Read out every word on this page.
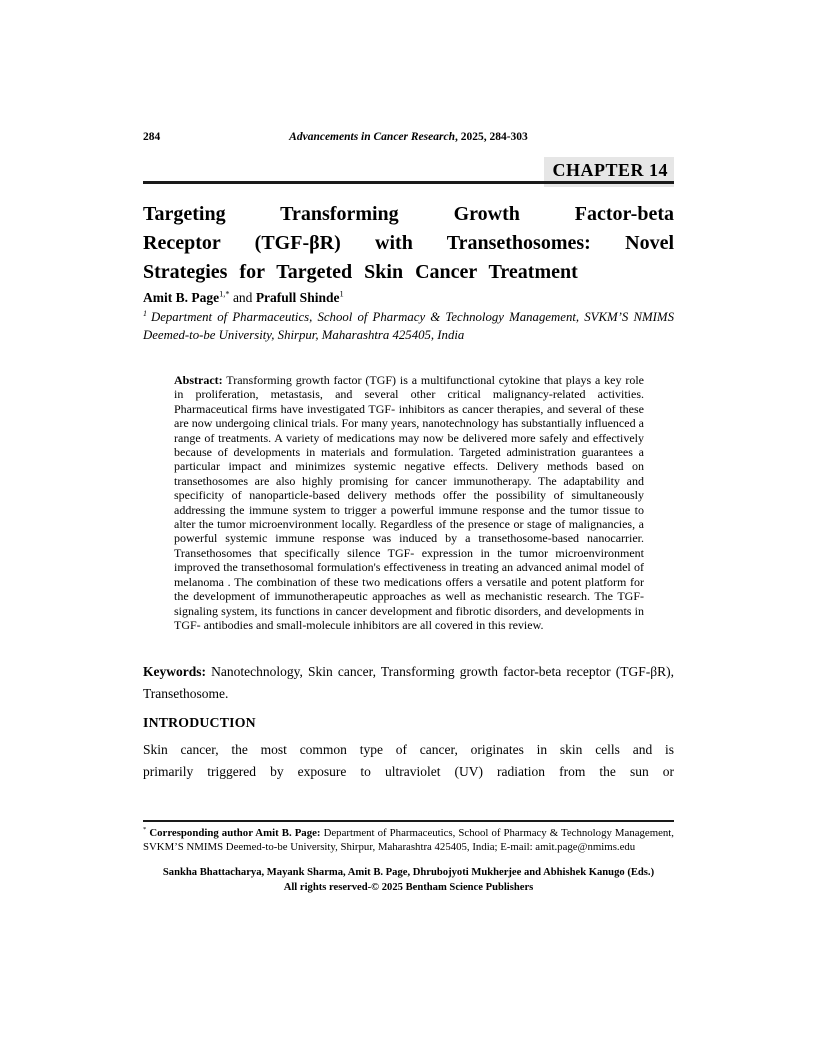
284	Advancements in Cancer Research, 2025, 284-303
CHAPTER 14
Targeting Transforming Growth Factor-beta
Receptor (TGF-βR) with Transethosomes: Novel
Strategies for Targeted Skin Cancer Treatment

Amit B. Page$^{1,*}$ and Prafull Shinde$^1$

$^1$ Department of Pharmaceutics, School of Pharmacy & Technology Management, SVKM’S NMIMS Deemed-to-be University, Shirpur, Maharashtra 425405, India

Abstract: Transforming growth factor (TGF) is a multifunctional cytokine that plays a key role in proliferation, metastasis, and several other critical malignancy-related activities. Pharmaceutical firms have investigated TGF- inhibitors as cancer therapies, and several of these are now undergoing clinical trials. For many years, nanotechnology has substantially influenced a range of treatments. A variety of medications may now be delivered more safely and effectively because of developments in materials and formulation. Targeted administration guarantees a particular impact and minimizes systemic negative effects. Delivery methods based on transethosomes are also highly promising for cancer immunotherapy. The adaptability and specificity of nanoparticle-based delivery methods offer the possibility of simultaneously addressing the immune system to trigger a powerful immune response and the tumor tissue to alter the tumor microenvironment locally. Regardless of the presence or stage of malignancies, a powerful systemic immune response was induced by a transethosome-based nanocarrier. Transethosomes that specifically silence TGF- expression in the tumor microenvironment improved the transethosomal formulation's effectiveness in treating an advanced animal model of melanoma . The combination of these two medications offers a versatile and potent platform for the development of immunotherapeutic approaches as well as mechanistic research. The TGF-signaling system, its functions in cancer development and fibrotic disorders, and developments in TGF- antibodies and small-molecule inhibitors are all covered in this review.

Keywords: Nanotechnology, Skin cancer, Transforming growth factor-beta receptor (TGF-βR), Transethosome.

INTRODUCTION
Skin cancer, the most common type of cancer, originates in skin cells and is
primarily triggered by exposure to ultraviolet (UV) radiation from the sun or

* Corresponding author Amit B. Page: Department of Pharmaceutics, School of Pharmacy & Technology Management, SVKM’S NMIMS Deemed-to-be University, Shirpur, Maharashtra 425405, India; E-mail: amit.page@nmims.edu

Sankha Bhattacharya, Mayank Sharma, Amit B. Page, Dhrubojyoti Mukherjee and Abhishek Kanugo (Eds.)
All rights reserved-© 2025 Bentham Science Publishers
